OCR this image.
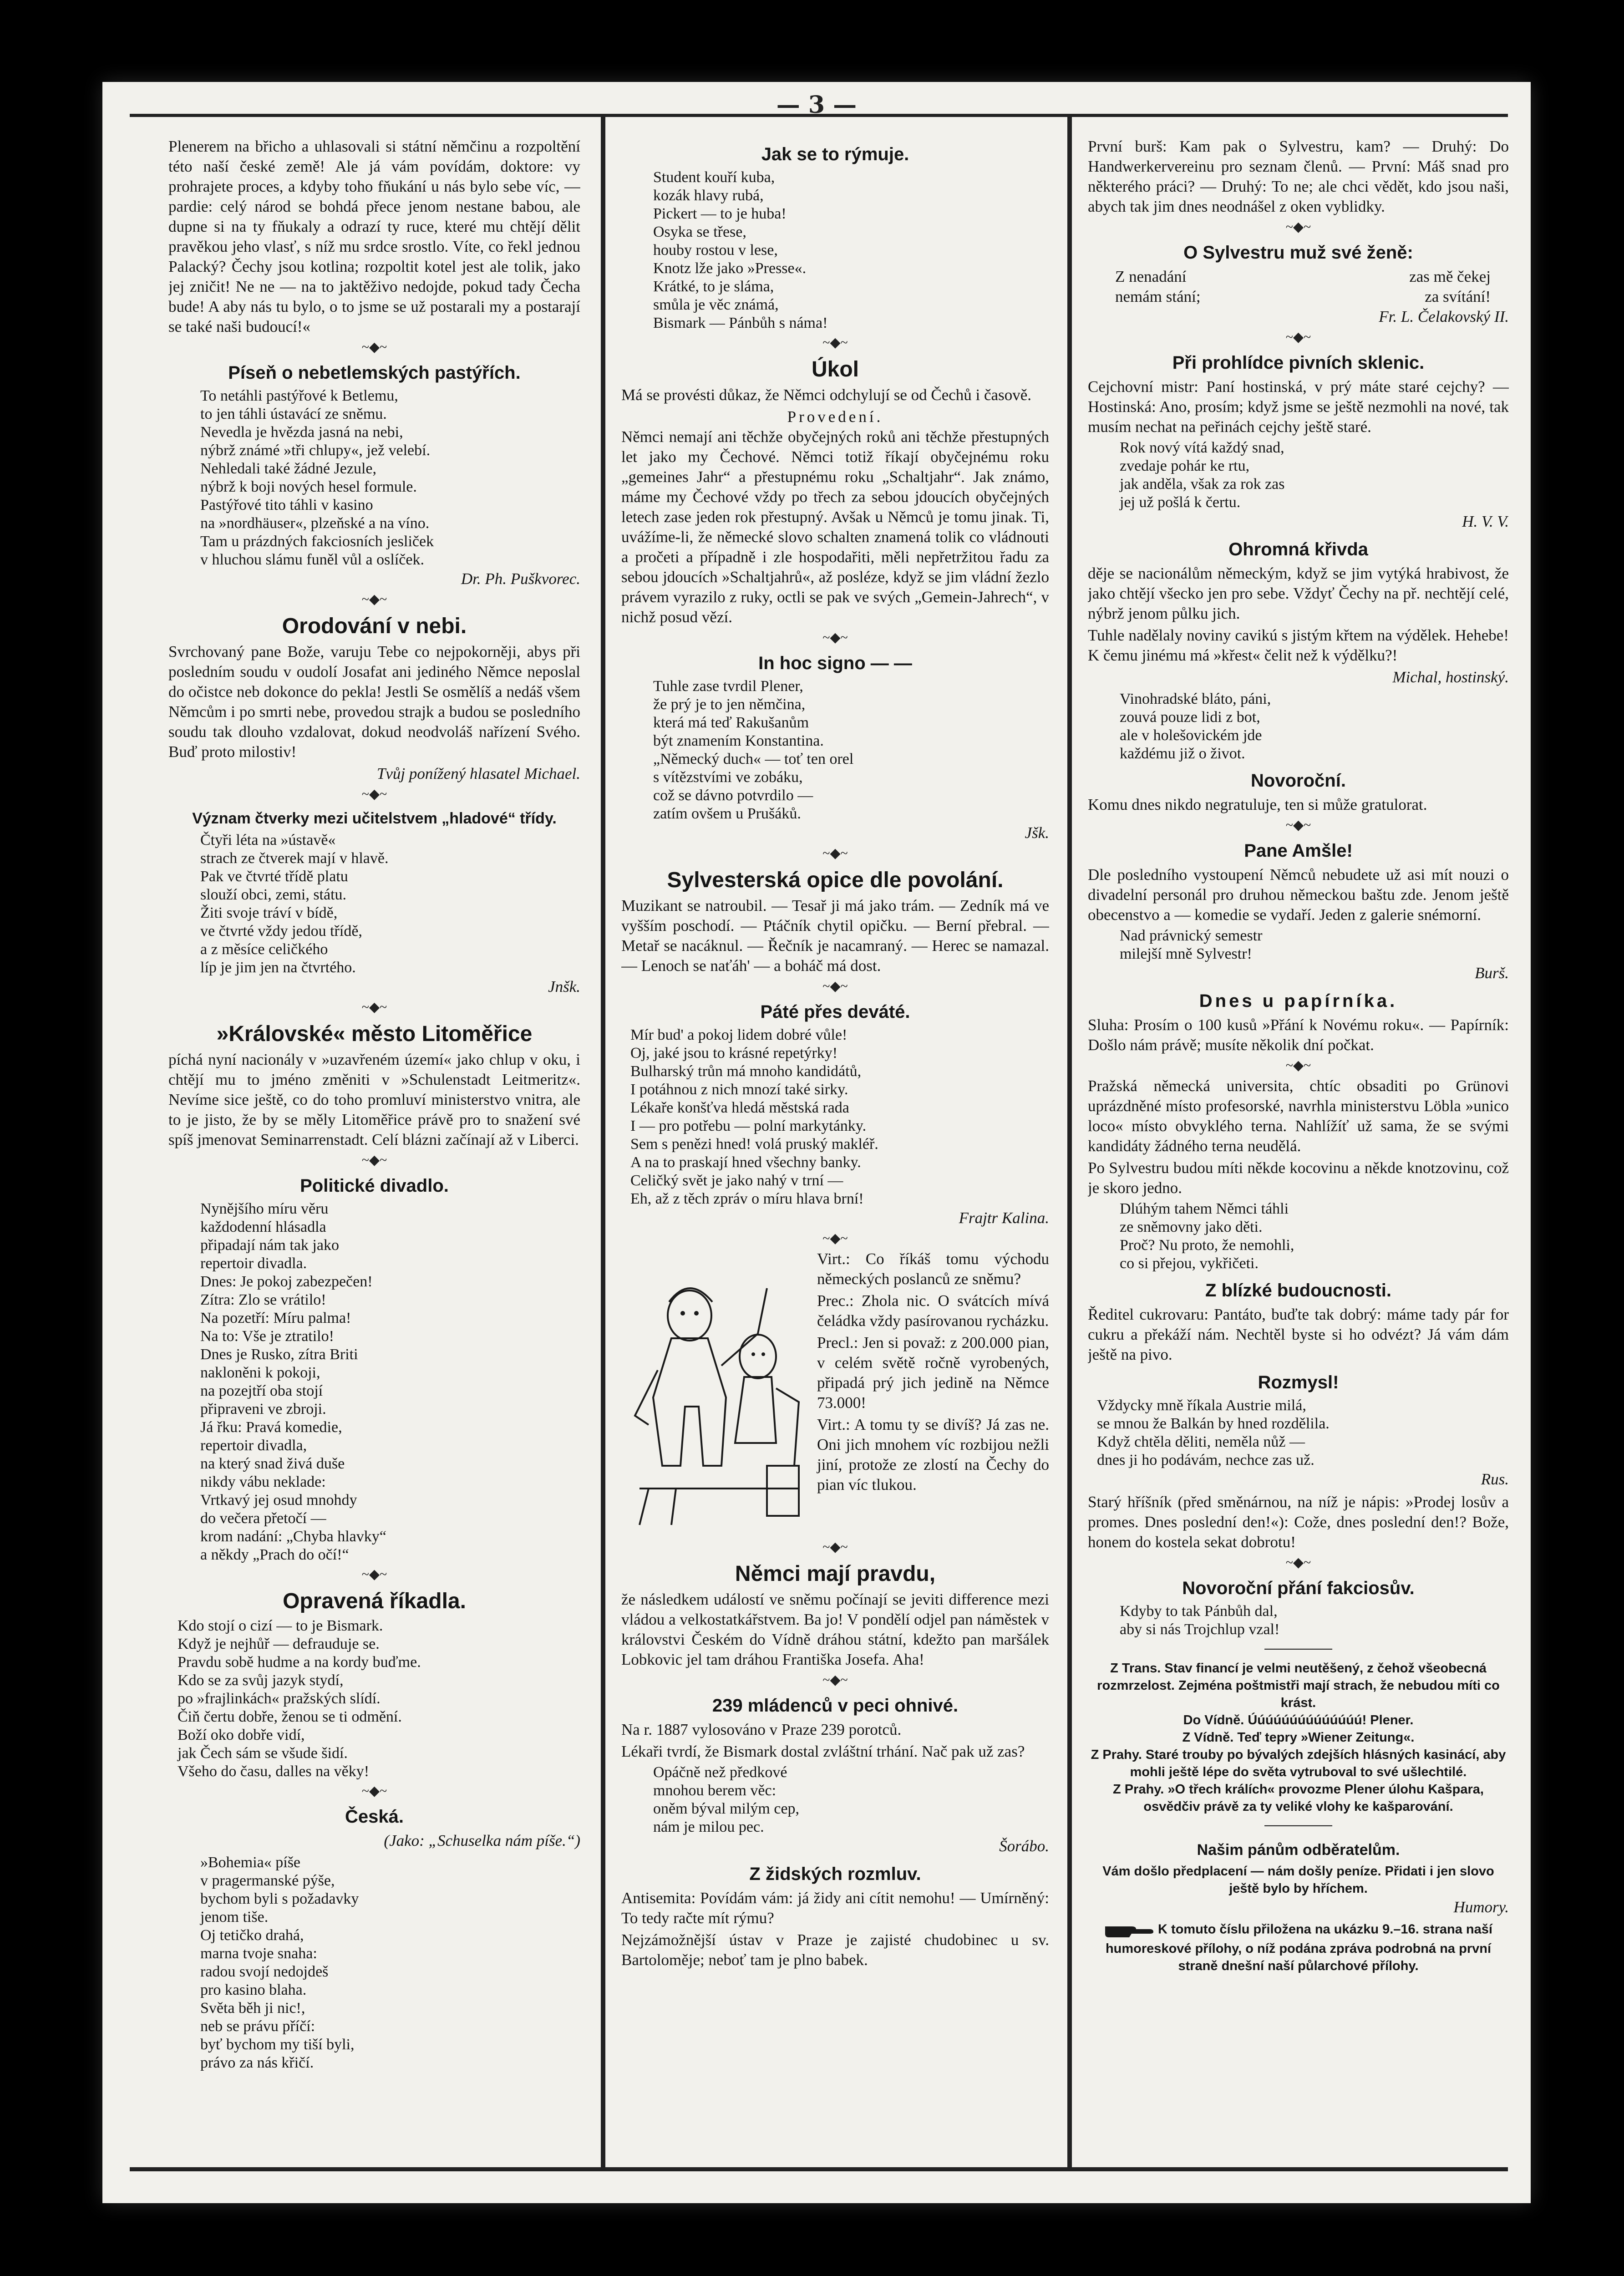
— 3 —

Plenerem na břicho a uhlasovali si státní němčinu a rozpoltění této naší české země! Ale já vám povídám, doktore: vy prohrajete proces, a kdyby toho fňukání u nás bylo sebe víc, — pardie: celý národ se bohdá přece jenom nestane babou, ale dupne si na ty fňukaly a odrazí ty ruce, které mu chtějí dělit pravěkou jeho vlasť, s níž mu srdce srostlo. Víte, co řekl jednou Palacký? Čechy jsou kotlina; rozpoltit kotel jest ale tolik, jako jej zničit! Ne ne — na to jaktěživo nedojde, pokud tady Čecha bude! A aby nás tu bylo, o to jsme se už postarali my a postarají se také naši budoucí!«

~◆~
Píseň o nebetlemských pastýřích.
To netáhli pastýřové k Betlemu,
to jen táhli ústavácí ze sněmu.
Nevedla je hvězda jasná na nebi,
nýbrž známé »tři chlupy«, jež velebí.
Nehledali také žádné Jezule,
nýbrž k boji nových hesel formule.
Pastýřové tito táhli v kasino
na »nordhäuser«, plzeňské a na víno.
Tam u prázdných fakciosních jesliček
v hluchou slámu funěl vůl a oslíček.
Dr. Ph. Puškvorec.
~◆~
Orodování v nebi.

Svrchovaný pane Bože, varuju Tebe co nejpokorněji, abys při posledním soudu v oudolí Josafat ani jediného Němce neposlal do očistce neb dokonce do pekla! Jestli Se osmělíš a nedáš všem Němcům i po smrti nebe, provedou strajk a budou se posledního soudu tak dlouho vzdalovat, dokud neodvoláš nařízení Svého. Buď proto milostiv!

Tvůj ponížený hlasatel Michael.
~◆~
Význam čtverky mezi učitelstvem „hladové“ třídy.
Čtyři léta na »ústavě«
strach ze čtverek mají v hlavě.
Pak ve čtvrté třídě platu
slouží obci, zemi, státu.
Žiti svoje tráví v bídě,
ve čtvrté vždy jedou třídě,
a z měsíce celičkého
líp je jim jen na čtvrtého.
Jnšk.
~◆~
»Královské« město Litoměřice

píchá nyní nacionály v »uzavřeném území« jako chlup v oku, i chtějí mu to jméno změniti v »Schulenstadt Leitmeritz«. Nevíme sice ještě, co do toho promluví ministerstvo vnitra, ale to je jisto, že by se měly Litoměřice právě pro to snažení své spíš jmenovat Seminarrenstadt. Celí blázni začínají až v Liberci.

~◆~
Politické divadlo.
Nynějšího míru věru
každodenní hlásadla
připadají nám tak jako
repertoir divadla.
Dnes: Je pokoj zabezpečen!
Zítra: Zlo se vrátilo!
Na pozetří: Míru palma!
Na to: Vše je ztratilo!
Dnes je Rusko, zítra Briti
nakloněni k pokoji,
na pozejtří oba stojí
připraveni ve zbroji.
Já řku: Pravá komedie,
repertoir divadla,
na který snad živá duše
nikdy vábu neklade:
Vrtkavý jej osud mnohdy
do večera přetočí —
krom nadání: „Chyba hlavky“
a někdy „Prach do očí!“
~◆~
Opravená říkadla.
Kdo stojí o cizí — to je Bismark.
Když je nejhůř — defrauduje se.
Pravdu sobě hudme a na kordy buďme.
Kdo se za svůj jazyk stydí,
po »frajlinkách« pražských slídí.
Čiň čertu dobře, ženou se ti odmění.
Boží oko dobře vidí,
jak Čech sám se všude šidí.
Všeho do času, dalles na věky!
~◆~
Česká.
(Jako: „Schuselka nám píše.“)
»Bohemia« píše
v pragermanské pýše,
bychom byli s požadavky
jenom tiše.
Oj tetičko drahá,
marna tvoje snaha:
radou svojí nedojdeš
pro kasino blaha.
Světa běh ji nic!,
neb se právu příčí:
byť bychom my tiší byli,
právo za nás křičí.
Jak se to rýmuje.
Student kouří kuba,
kozák hlavy rubá,
Pickert — to je huba!
Osyka se třese,
houby rostou v lese,
Knotz lže jako »Presse«.
Krátké, to je sláma,
smůla je věc známá,
Bismark — Pánbůh s náma!
~◆~
Úkol

Má se provésti důkaz, že Němci odchylují se od Čechů i časově.

Provedení.

Němci nemají ani těchže obyčejných roků ani těchže přestupných let jako my Čechové. Němci totiž říkají obyčejnému roku „gemeines Jahr“ a přestupnému roku „Schaltjahr“. Jak známo, máme my Čechové vždy po třech za sebou jdoucích obyčejných letech zase jeden rok přestupný. Avšak u Němců je tomu jinak. Ti, uvážíme-li, že německé slovo schalten znamená tolik co vládnouti a pročeti a případně i zle hospodařiti, měli nepřetržitou řadu za sebou jdoucích »Schaltjahrů«, až posléze, když se jim vládní žezlo právem vyrazilo z ruky, octli se pak ve svých „Gemein-Jahrech“, v nichž posud vězí.

~◆~
In hoc signo — —
Tuhle zase tvrdil Plener,
že prý je to jen němčina,
která má teď Rakušanům
být znamením Konstantina.
„Německý duch« — toť ten orel
s vítězstvími ve zobáku,
což se dávno potvrdilo —
zatím ovšem u Prušáků.
Jšk.
~◆~
Sylvesterská opice dle povolání.

Muzikant se natroubil. — Tesař ji má jako trám. — Zedník má ve vyšším poschodí. — Ptáčník chytil opičku. — Berní přebral. — Metař se nacáknul. — Řečník je nacamraný. — Herec se namazal. — Lenoch se naťáh' — a boháč má dost.

~◆~
Páté přes deváté.
Mír bud' a pokoj lidem dobré vůle!
Oj, jaké jsou to krásné repetýrky!
Bulharský trůn má mnoho kandidátů,
I potáhnou z nich mnozí také sirky.
Lékaře konšťva hledá městská rada
I — pro potřebu — polní markytánky.
Sem s penězi hned! volá pruský makléř.
A na to praskají hned všechny banky.
Celičký svět je jako nahý v trní —
Eh, až z těch zpráv o míru hlava brní!
Frajtr Kalina.
~◆~

Virt.: Co říkáš tomu východu německých poslanců ze sněmu?

Prec.: Zhola nic. O svátcích mívá čeládka vždy pasírovanou rycházku.

Precl.: Jen si považ: z 200.000 pian, v celém světě ročně vyrobených, připadá prý jich jedině na Němce 73.000!

Virt.: A tomu ty se divíš? Já zas ne. Oni jich mnohem víc rozbijou nežli jiní, protože ze zlostí na Čechy do pian víc tlukou.

~◆~
Němci mají pravdu,

že následkem událostí ve sněmu počínají se jeviti difference mezi vládou a velkostatkářstvem. Ba jo! V pondělí odjel pan náměstek v královstvi Českém do Vídně dráhou státní, kdežto pan maršálek Lobkovic jel tam dráhou Františka Josefa. Aha!

~◆~
239 mládenců v peci ohnivé.

Na r. 1887 vylosováno v Praze 239 porotců.

Lékaři tvrdí, že Bismark dostal zvláštní trhání. Nač pak už zas?

Opáčně než předkové
mnohou berem věc:
oněm býval milým cep,
nám je milou pec.
Šorábo.
Z židských rozmluv.

Antisemita: Povídám vám: já židy ani cítit nemohu! — Umírněný: To tedy račte mít rýmu?

Nejzámožnější ústav v Praze je zajisté chudobinec u sv. Bartoloměje; neboť tam je plno babek.

První burš: Kam pak o Sylvestru, kam? — Druhý: Do Handwerkervereinu pro seznam členů. — První: Máš snad pro některého práci? — Druhý: To ne; ale chci vědět, kdo jsou naši, abych tak jim dnes neodnášel z oken vyblidky.

~◆~
O Sylvestru muž své ženě:
Z nenadání	zas mě čekej
nemám stání;	za svítání!
Fr. L. Čelakovský II.
~◆~
Při prohlídce pivních sklenic.

Cejchovní mistr: Paní hostinská, v prý máte staré cejchy? — Hostinská: Ano, prosím; když jsme se ještě nezmohli na nové, tak musím nechat na peřinách cejchy ještě staré.

Rok nový vítá každý snad,
zvedaje pohár ke rtu,
jak anděla, však za rok zas
jej už pošlá k čertu.
H. V. V.
Ohromná křivda

děje se nacionálům německým, když se jim vytýká hrabivost, že jako chtějí všecko jen pro sebe. Vždyť Čechy na př. nechtějí celé, nýbrž jenom půlku jich.

Tuhle nadělaly noviny cavikú s jistým křtem na výdělek. Hehebe! K čemu jinému má »křest« čelit než k výdělku?!

Michal, hostinský.
Vinohradské bláto, páni,
zouvá pouze lidi z bot,
ale v holešovickém jde
každému již o život.
Novoroční.

Komu dnes nikdo negratuluje, ten si může gratulorat.

~◆~
Pane Amšle!

Dle posledního vystoupení Němců nebudete už asi mít nouzi o divadelní personál pro druhou německou baštu zde. Jenom ještě obecenstvo a — komedie se vydaří. Jeden z galerie snémorní.

Nad právnický semestr
milejší mně Sylvestr!
Burš.
Dnes u papírníka.

Sluha: Prosím o 100 kusů »Přání k Novému roku«. — Papírník: Došlo nám právě; musíte několik dní počkat.

~◆~

Pražská německá universita, chtíc obsaditi po Grünovi uprázdněné místo profesorské, navrhla ministerstvu Löbla »unico loco« místo obvyklého terna. Nahlížíť už sama, že se svými kandidáty žádného terna neudělá.

Po Sylvestru budou míti někde kocovinu a někde knotzovinu, což je skoro jedno.

Dlúhým tahem Němci táhli
ze sněmovny jako děti.
Proč? Nu proto, že nemohli,
co si přejou, vykřičeti.
Z blízké budoucnosti.

Ředitel cukrovaru: Pantáto, buďte tak dobrý: máme tady pár for cukru a překáží nám. Nechtěl byste si ho odvézt? Já vám dám ještě na pivo.

Rozmysl!
Vždycky mně říkala Austrie milá,
se mnou že Balkán by hned rozdělila.
Když chtěla děliti, neměla nůž —
dnes ji ho podávám, nechce zas už.
Rus.

Starý hříšník (před směnárnou, na níž je nápis: »Prodej losův a promes. Dnes poslední den!«): Cože, dnes poslední den!? Bože, honem do kostela sekat dobrotu!

~◆~
Novoroční přání fakciosův.
Kdyby to tak Pánbůh dal,
aby si nás Trojchlup vzal!
───────

Z Trans. Stav financí je velmi neutěšený, z čehož všeobecná rozmrzelost. Zejména poštmistři mají strach, že nebudou míti co krást.

Do Vídně. Úúúúúúúúúúúúúú! Plener.

Z Vídně. Teď tepry »Wiener Zeitung«.

Z Prahy. Staré trouby po bývalých zdejších hlásných kasinácí, aby mohli ještě lépe do světa vytruboval to své ušlechtilé.

Z Prahy. »O třech králích« provozme Plener úlohu Kašpara, osvědčiv právě za ty veliké vlohy ke kašparování.

───────
Našim pánům odběratelům.

Vám došlo předplacení — nám došly peníze. Přidati i jen slovo ještě bylo by hříchem.

Humory.

K tomuto číslu přiložena na ukázku 9.–16. strana naší humoreskové přílohy, o níž podána zpráva podrobná na první straně dnešní naší půlarchové přílohy.
